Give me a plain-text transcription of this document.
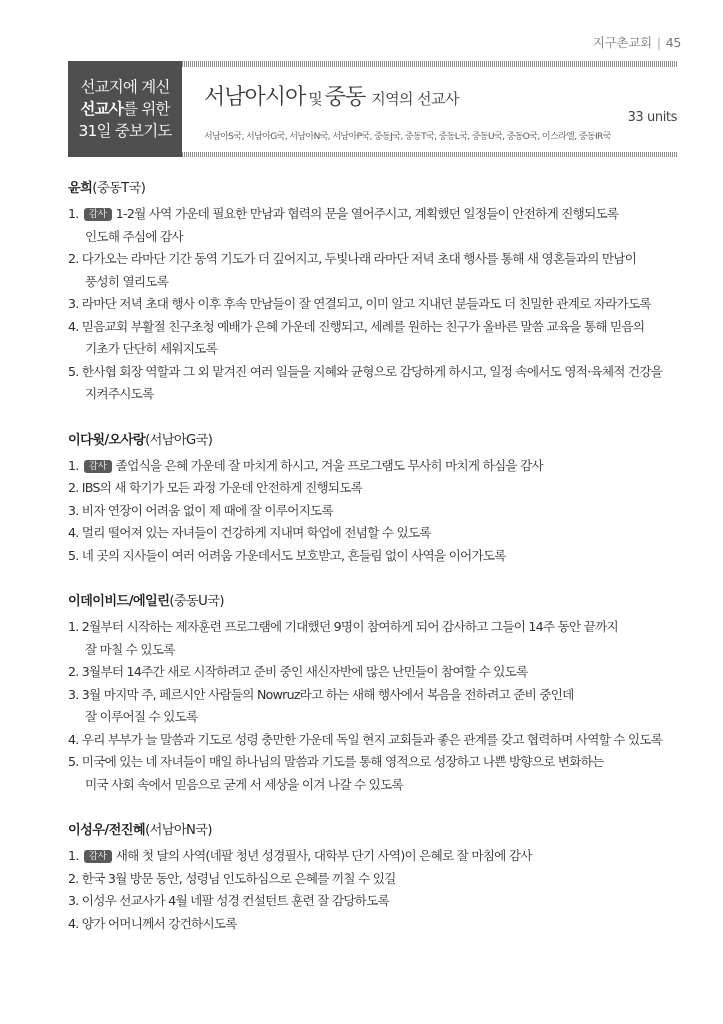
지구촌교회 | 45
선교지에 계신
선교사를 위한
31일 중보기도
서남아시아 및 중동 지역의 선교사
33 units
서남아S국, 서남아G국, 서남아N국, 서남아P국, 중동J국, 중동T국, 중동L국, 중동U국, 중동O국, 이스라엘, 중동IR국
윤희(중동T국)
1. 감사 1-2월 사역 가운데 필요한 만남과 협력의 문을 열어주시고, 계획했던 일정들이 안전하게 진행되도록
인도해 주심에 감사
2. 다가오는 라마단 기간 동역 기도가 더 깊어지고, 두빛나래 라마단 저녁 초대 행사를 통해 새 영혼들과의 만남이
풍성히 열리도록
3. 라마단 저녁 초대 행사 이후 후속 만남들이 잘 연결되고, 이미 알고 지내던 분들과도 더 친밀한 관계로 자라가도록
4. 믿음교회 부활절 친구초청 예배가 은혜 가운데 진행되고, 세례를 원하는 친구가 올바른 말씀 교육을 통해 믿음의
기초가 단단히 세워지도록
5. 한사협 회장 역할과 그 외 맡겨진 여러 일들을 지혜와 균형으로 감당하게 하시고, 일정 속에서도 영적·육체적 건강을
지켜주시도록
이다윗/오사랑(서남아G국)
1. 감사 졸업식을 은혜 가운데 잘 마치게 하시고, 겨울 프로그램도 무사히 마치게 하심을 감사
2. IBS의 새 학기가 모든 과정 가운데 안전하게 진행되도록
3. 비자 연장이 어려움 없이 제 때에 잘 이루어지도록
4. 멀리 떨어져 있는 자녀들이 건강하게 지내며 학업에 전념할 수 있도록
5. 네 곳의 지사들이 여러 어려움 가운데서도 보호받고, 흔들림 없이 사역을 이어가도록
이데이비드/에일린(중동U국)
1. 2월부터 시작하는 제자훈련 프로그램에 기대했던 9명이 참여하게 되어 감사하고 그들이 14주 동안 끝까지
잘 마칠 수 있도록
2. 3월부터 14주간 새로 시작하려고 준비 중인 새신자반에 많은 난민들이 참여할 수 있도록
3. 3월 마지막 주, 페르시안 사람들의 Nowruz라고 하는 새해 행사에서 복음을 전하려고 준비 중인데
잘 이루어질 수 있도록
4. 우리 부부가 늘 말씀과 기도로 성령 충만한 가운데 독일 현지 교회들과 좋은 관계를 갖고 협력하며 사역할 수 있도록
5. 미국에 있는 네 자녀들이 매일 하나님의 말씀과 기도를 통해 영적으로 성장하고 나쁜 방향으로 변화하는
미국 사회 속에서 믿음으로 굳게 서 세상을 이겨 나갈 수 있도록
이성우/전진혜(서남아N국)
1. 감사 새해 첫 달의 사역(네팔 청년 성경필사, 대학부 단기 사역)이 은혜로 잘 마침에 감사
2. 한국 3월 방문 동안, 성령님 인도하심으로 은혜를 끼칠 수 있길
3. 이성우 선교사가 4월 네팔 성경 컨설턴트 훈련 잘 감당하도록
4. 양가 어머니께서 강건하시도록
